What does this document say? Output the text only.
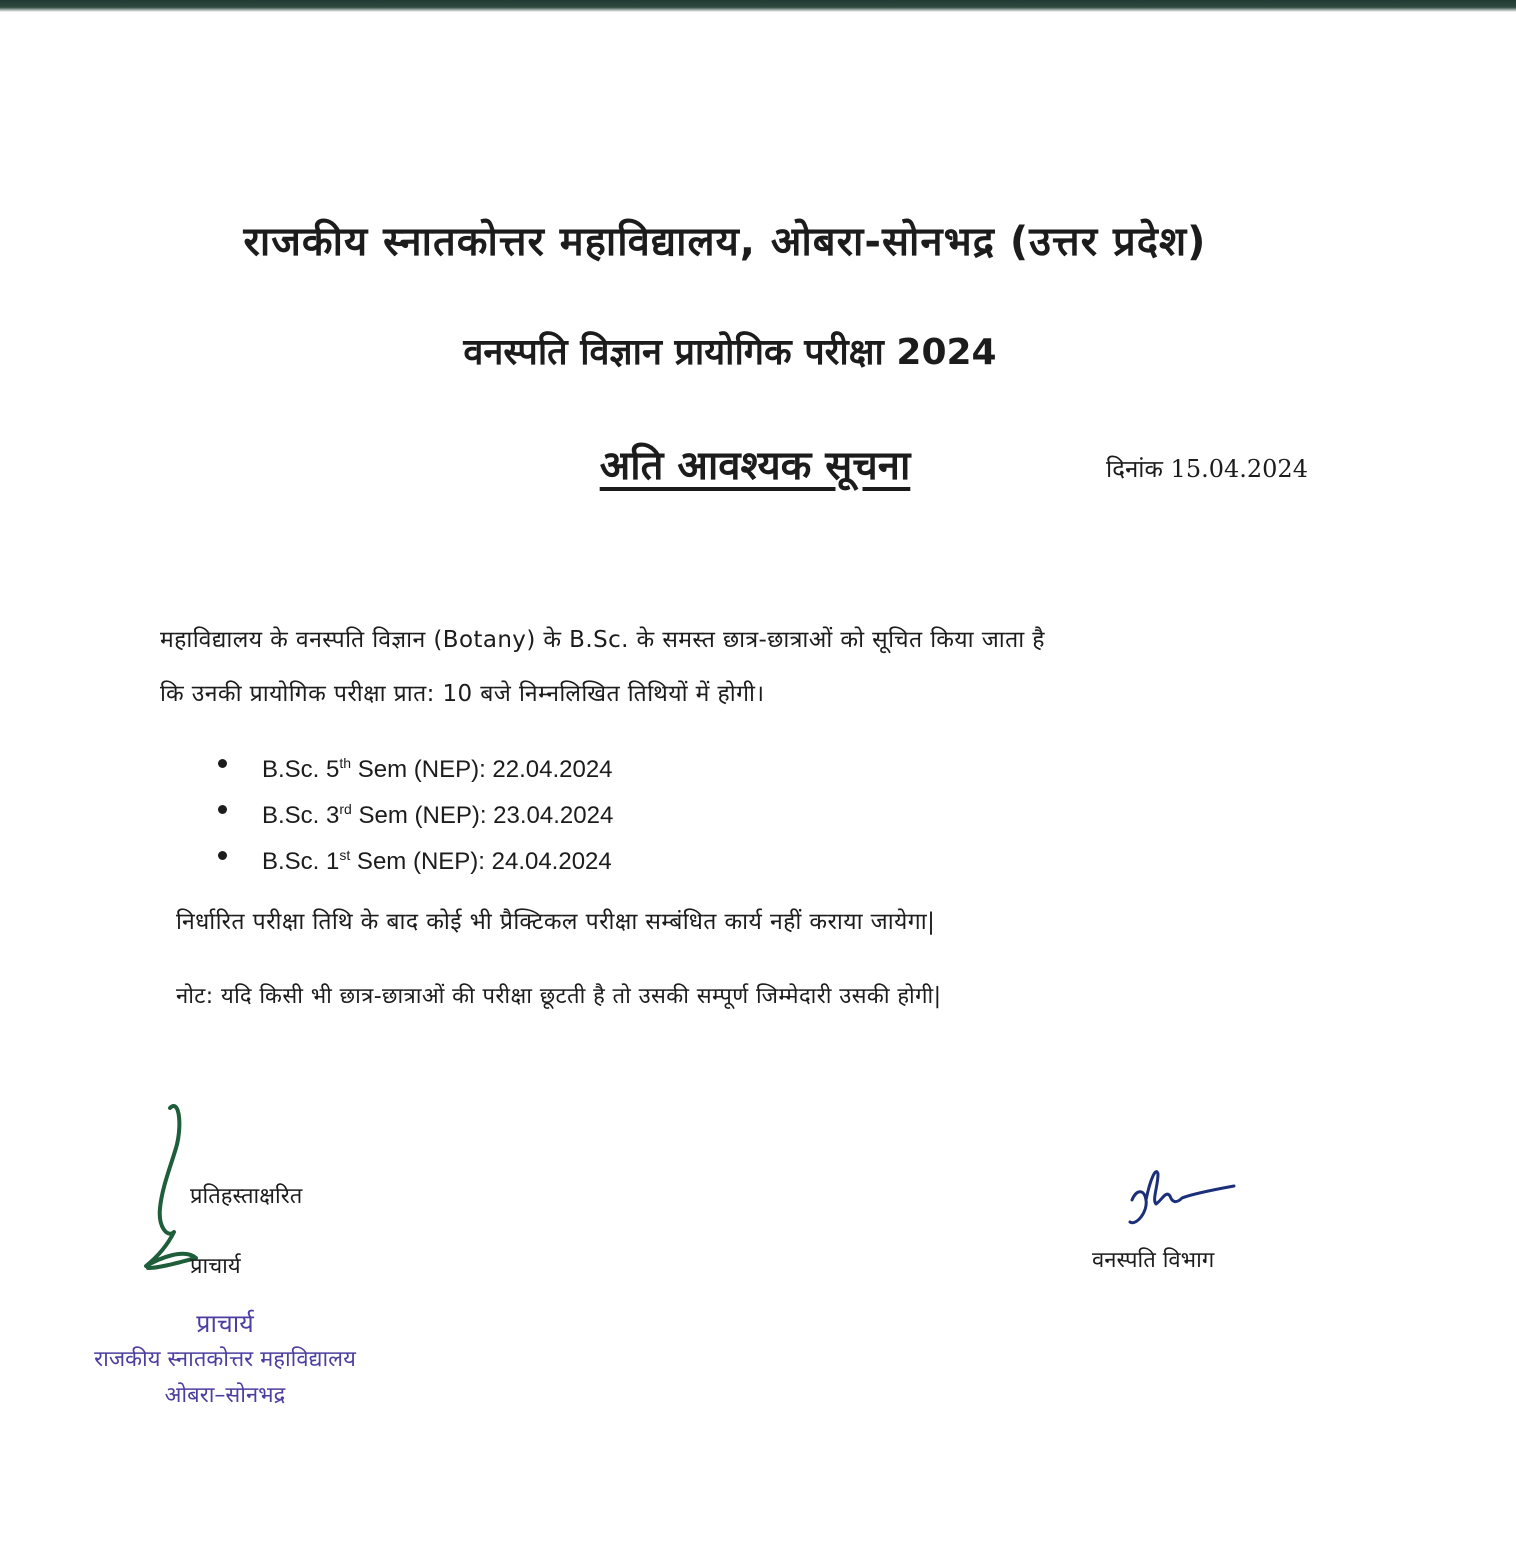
राजकीय स्नातकोत्तर महाविद्यालय, ओबरा-सोनभद्र (उत्तर प्रदेश)
वनस्पति विज्ञान प्रायोगिक परीक्षा 2024
अति आवश्यक सूचना	दिनांक 15.04.2024
महाविद्यालय के वनस्पति विज्ञान (Botany) के B.Sc. के समस्त छात्र-छात्राओं को सूचित किया जाता है
कि उनकी प्रायोगिक परीक्षा प्रात: 10 बजे निम्नलिखित तिथियों में होगी।
B.Sc. 5th Sem (NEP): 22.04.2024
B.Sc. 3rd Sem (NEP): 23.04.2024
B.Sc. 1st Sem (NEP): 24.04.2024
निर्धारित परीक्षा तिथि के बाद कोई भी प्रैक्टिकल परीक्षा सम्बंधित कार्य नहीं कराया जायेगा|
नोट: यदि किसी भी छात्र-छात्राओं की परीक्षा छूटती है तो उसकी सम्पूर्ण जिम्मेदारी उसकी होगी|
प्रतिहस्ताक्षरित
प्राचार्य
प्राचार्य
राजकीय स्नातकोत्तर महाविद्यालय
ओबरा–सोनभद्र
वनस्पति विभाग
